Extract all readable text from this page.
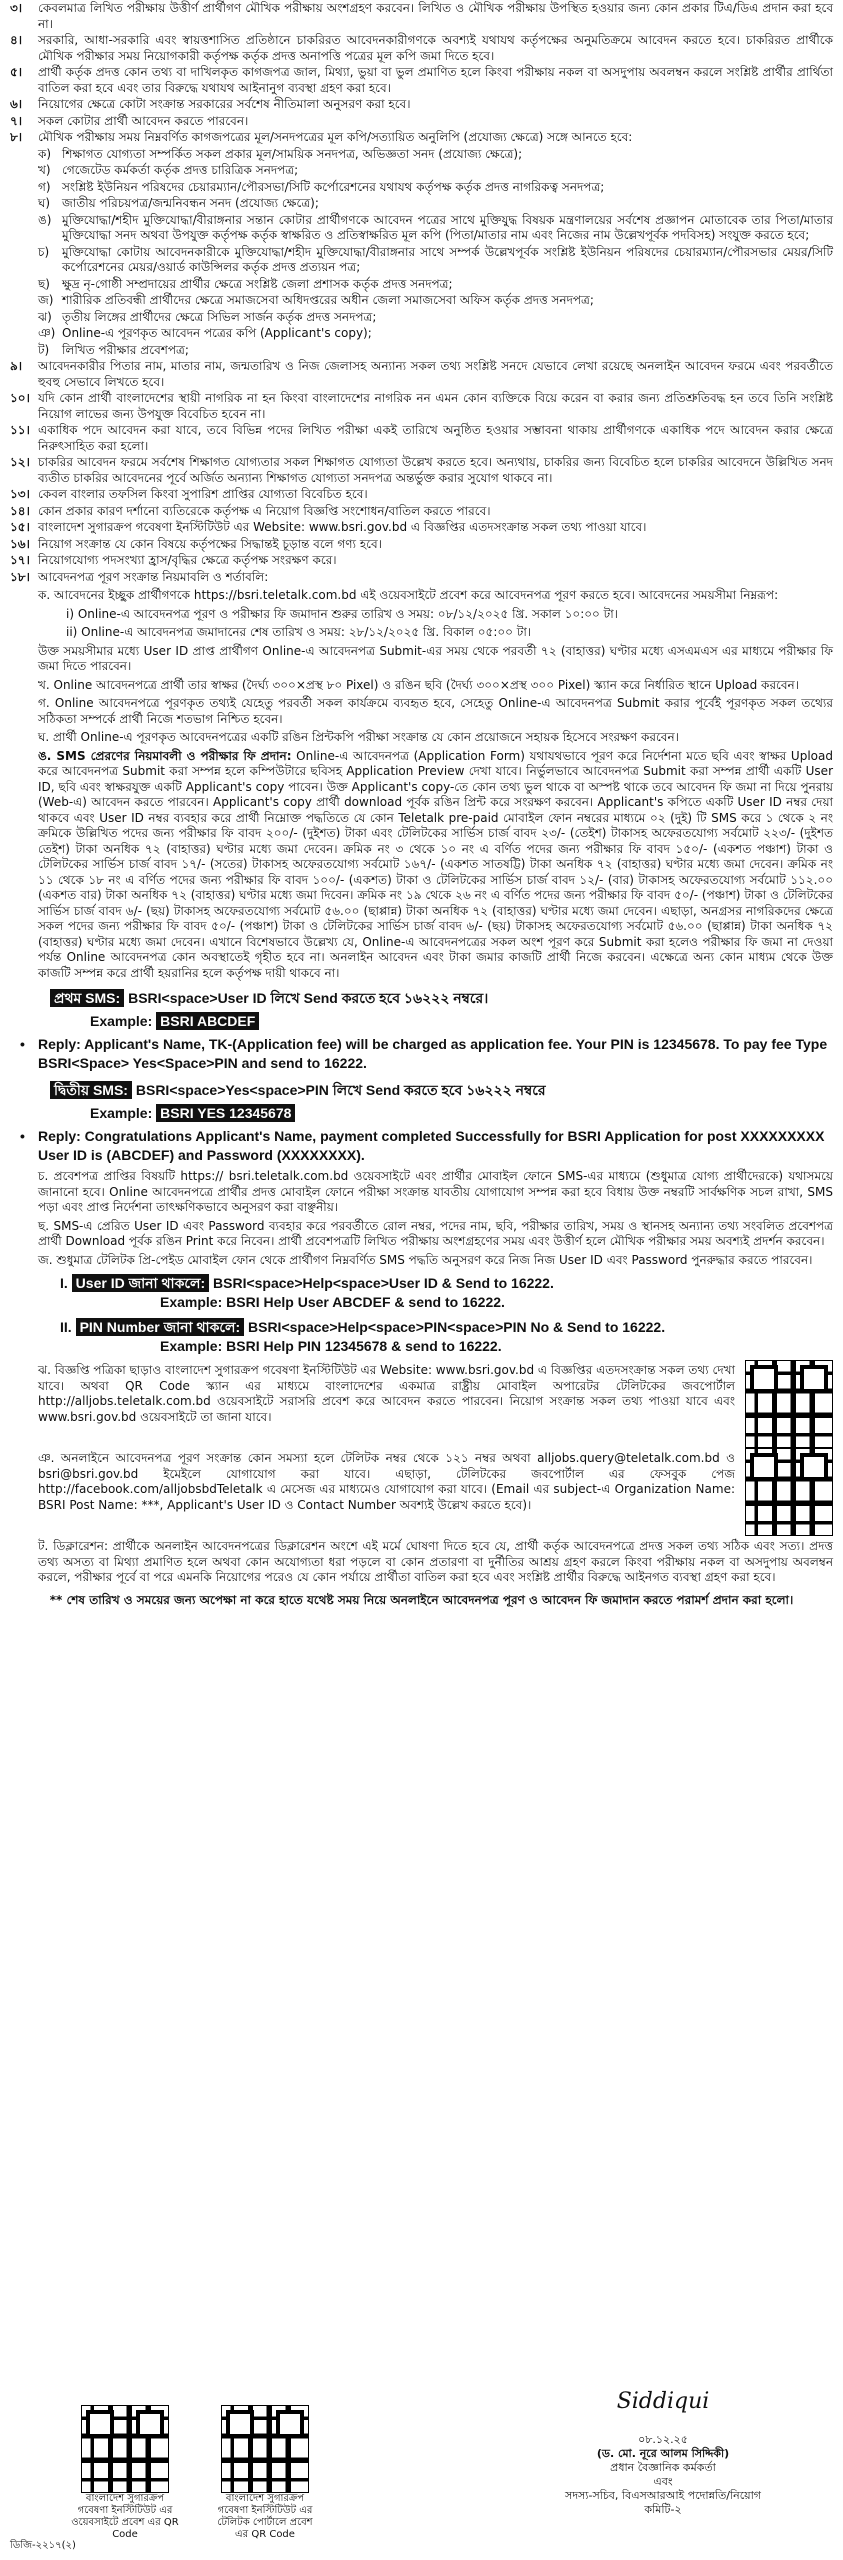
৩।	কেবলমাত্র লিখিত পরীক্ষায় উত্তীর্ণ প্রার্থীগণ মৌখিক পরীক্ষায় অংশগ্রহণ করবেন। লিখিত ও মৌখিক পরীক্ষায় উপস্থিত হওয়ার জন্য কোন প্রকার টিএ/ডিএ প্রদান করা হবে না।
৪।	সরকারি, আধা-সরকারি এবং স্বায়ত্তশাসিত প্রতিষ্ঠানে চাকরিরত আবেদনকারীগণকে অবশ্যই যথাযথ কর্তৃপক্ষের অনুমতিক্রমে আবেদন করতে হবে। চাকরিরত প্রার্থীকে মৌখিক পরীক্ষার সময় নিয়োগকারী কর্তৃপক্ষ কর্তৃক প্রদত্ত অনাপত্তি পত্রের মূল কপি জমা দিতে হবে।
৫।	প্রার্থী কর্তৃক প্রদত্ত কোন তথ্য বা দাখিলকৃত কাগজপত্র জাল, মিথ্যা, ভুয়া বা ভুল প্রমাণিত হলে কিংবা পরীক্ষায় নকল বা অসদুপায় অবলম্বন করলে সংশ্লিষ্ট প্রার্থীর প্রার্থিতা বাতিল করা হবে এবং তার বিরুদ্ধে যথাযথ আইনানুগ ব্যবস্থা গ্রহণ করা হবে।
৬।	নিয়োগের ক্ষেত্রে কোটা সংক্রান্ত সরকারের সর্বশেষ নীতিমালা অনুসরণ করা হবে।
৭।	সকল কোটার প্রার্থী আবেদন করতে পারবেন।
৮।	মৌখিক পরীক্ষায় সময় নিম্নবর্ণিত কাগজপত্রের মূল/সনদপত্রের মূল কপি/সত্যায়িত অনুলিপি (প্রযোজ্য ক্ষেত্রে) সঙ্গে আনতে হবে:
ক) শিক্ষাগত যোগ্যতা সম্পর্কিত সকল প্রকার মূল/সাময়িক সনদপত্র, অভিজ্ঞতা সনদ (প্রযোজ্য ক্ষেত্রে);
খ) গেজেটেড কর্মকর্তা কর্তৃক প্রদত্ত চারিত্রিক সনদপত্র;
গ) সংশ্লিষ্ট ইউনিয়ন পরিষদের চেয়ারম্যান/পৌরসভা/সিটি কর্পোরেশনের যথাযথ কর্তৃপক্ষ কর্তৃক প্রদত্ত নাগরিকত্ব সনদপত্র;
ঘ) জাতীয় পরিচয়পত্র/জন্মনিবন্ধন সনদ (প্রযোজ্য ক্ষেত্রে);
ঙ) মুক্তিযোদ্ধা/শহীদ মুক্তিযোদ্ধা/বীরাঙ্গনার সন্তান কোটার প্রার্থীগণকে আবেদন পত্রের সাথে মুক্তিযুদ্ধ বিষয়ক মন্ত্রণালয়ের সর্বশেষ প্রজ্ঞাপন মোতাবেক তার পিতা/মাতার মুক্তিযোদ্ধা সনদ অথবা উপযুক্ত কর্তৃপক্ষ কর্তৃক স্বাক্ষরিত ও প্রতিস্বাক্ষরিত মূল কপি (পিতা/মাতার নাম এবং নিজের নাম উল্লেখপূর্বক পদবিসহ) সংযুক্ত করতে হবে;
চ)	মুক্তিযোদ্ধা কোটায় আবেদনকারীকে মুক্তিযোদ্ধা/শহীদ মুক্তিযোদ্ধা/বীরাঙ্গনার সাথে সম্পর্ক উল্লেখপূর্বক সংশ্লিষ্ট ইউনিয়ন পরিষদের চেয়ারম্যান/পৌরসভার মেয়র/সিটি কর্পোরেশনের মেয়র/ওয়ার্ড কাউন্সিলর কর্তৃক প্রদত্ত প্রত্যয়ন পত্র;
ছ)	ক্ষুদ্র নৃ-গোষ্ঠী সম্প্রদায়ের প্রার্থীর ক্ষেত্রে সংশ্লিষ্ট জেলা প্রশাসক কর্তৃক প্রদত্ত সনদপত্র;
জ) শারীরিক প্রতিবন্ধী প্রার্থীদের ক্ষেত্রে সমাজসেবা অধিদপ্তরের অধীন জেলা সমাজসেবা অফিস কর্তৃক প্রদত্ত সনদপত্র;
ঝ) তৃতীয় লিঙ্গের প্রার্থীদের ক্ষেত্রে সিভিল সার্জন কর্তৃক প্রদত্ত সনদপত্র;
ঞ) Online-এ পূরণকৃত আবেদন পত্রের কপি (Applicant's copy);
ট)	লিখিত পরীক্ষার প্রবেশপত্র;
৯।	আবেদনকারীর পিতার নাম, মাতার নাম, জন্মতারিখ ও নিজ জেলাসহ অন্যান্য সকল তথ্য সংশ্লিষ্ট সনদে যেভাবে লেখা রয়েছে অনলাইন আবেদন ফরমে এবং পরবর্তীতে হুবহু সেভাবে লিখতে হবে।
১০। যদি কোন প্রার্থী বাংলাদেশের স্থায়ী নাগরিক না হন কিংবা বাংলাদেশের নাগরিক নন এমন কোন ব্যক্তিকে বিয়ে করেন বা করার জন্য প্রতিশ্রুতিবদ্ধ হন তবে তিনি সংশ্লিষ্ট নিয়োগ লাভের জন্য উপযুক্ত বিবেচিত হবেন না।
১১। একাধিক পদে আবেদন করা যাবে, তবে বিভিন্ন পদের লিখিত পরীক্ষা একই তারিখে অনুষ্ঠিত হওয়ার সম্ভাবনা থাকায় প্রার্থীগণকে একাধিক পদে আবেদন করার ক্ষেত্রে নিরুৎসাহিত করা হলো।
১২। চাকরির আবেদন ফরমে সর্বশেষ শিক্ষাগত যোগ্যতার সকল শিক্ষাগত যোগ্যতা উল্লেখ করতে হবে। অন্যথায়, চাকরির জন্য বিবেচিত হলে চাকরির আবেদনে উল্লিখিত সনদ ব্যতীত চাকরির আবেদনের পূর্বে অর্জিত অন্যান্য শিক্ষাগত যোগ্যতা সনদপত্র অন্তর্ভুক্ত করার সুযোগ থাকবে না।
১৩। কেবল বাংলার তফসিল কিংবা সুপারিশ প্রাপ্তির যোগ্যতা বিবেচিত হবে।
১৪। কোন প্রকার কারণ দর্শানো ব্যতিরেকে কর্তৃপক্ষ এ নিয়োগ বিজ্ঞপ্তি সংশোধন/বাতিল করতে পারবে।
১৫। বাংলাদেশ সুগারক্রপ গবেষণা ইনস্টিটিউট এর Website: www.bsri.gov.bd এ বিজ্ঞপ্তির এতদসংক্রান্ত সকল তথ্য পাওয়া যাবে।
১৬। নিয়োগ সংক্রান্ত যে কোন বিষয়ে কর্তৃপক্ষের সিদ্ধান্তই চূড়ান্ত বলে গণ্য হবে।
১৭। নিয়োগযোগ্য পদসংখ্যা হ্রাস/বৃদ্ধির ক্ষেত্রে কর্তৃপক্ষ সংরক্ষণ করে।
১৮। আবেদনপত্র পূরণ সংক্রান্ত নিয়মাবলি ও শর্তাবলি:
ক. আবেদনের ইচ্ছুক প্রার্থীগণকে https://bsri.teletalk.com.bd এই ওয়েবসাইটে প্রবেশ করে আবেদনপত্র পূরণ করতে হবে। আবেদনের সময়সীমা নিম্নরূপ:
i) Online-এ আবেদনপত্র পূরণ ও পরীক্ষার ফি জমাদান শুরুর তারিখ ও সময়: ০৮/১২/২০২৫ খ্রি. সকাল ১০:০০ টা।
ii) Online-এ আবেদনপত্র জমাদানের শেষ তারিখ ও সময়: ২৮/১২/২০২৫ খ্রি. বিকাল ০৫:০০ টা।
উক্ত সময়সীমার মধ্যে User ID প্রাপ্ত প্রার্থীগণ Online-এ আবেদনপত্র Submit-এর সময় থেকে পরবর্তী ৭২ (বাহাত্তর) ঘণ্টার মধ্যে এসএমএস এর মাধ্যমে পরীক্ষার ফি জমা দিতে পারবেন।
খ. Online আবেদনপত্রে প্রার্থী তার স্বাক্ষর (দৈর্ঘ্য ৩০০×প্রস্থ ৮০ Pixel) ও রঙিন ছবি (দৈর্ঘ্য ৩০০×প্রস্থ ৩০০ Pixel) স্ক্যান করে নির্ধারিত স্থানে Upload করবেন।
গ. Online আবেদনপত্রে পূরণকৃত তথ্যই যেহেতু পরবর্তী সকল কার্যক্রমে ব্যবহৃত হবে, সেহেতু Online-এ আবেদনপত্র Submit করার পূর্বেই পূরণকৃত সকল তথ্যের সঠিকতা সম্পর্কে প্রার্থী নিজে শতভাগ নিশ্চিত হবেন।
ঘ. প্রার্থী Online-এ পূরণকৃত আবেদনপত্রের একটি রঙিন প্রিন্টকপি পরীক্ষা সংক্রান্ত যে কোন প্রয়োজনে সহায়ক হিসেবে সংরক্ষণ করবেন।
ঙ. SMS প্রেরণের নিয়মাবলী ও পরীক্ষার ফি প্রদান: Online-এ আবেদনপত্র (Application Form) যথাযথভাবে পূরণ করে নির্দেশনা মতে ছবি এবং স্বাক্ষর Upload করে আবেদনপত্র Submit করা সম্পন্ন হলে কম্পিউটারে ছবিসহ Application Preview দেখা যাবে। নির্ভুলভাবে আবেদনপত্র Submit করা সম্পন্ন প্রার্থী একটি User ID, ছবি এবং স্বাক্ষরযুক্ত একটি Applicant's copy পাবেন। উক্ত Applicant's copy-তে কোন তথ্য ভুল থাকে বা অস্পষ্ট থাকে তবে আবেদন ফি জমা না দিয়ে পুনরায় (Web-এ) আবেদন করতে পারবেন। Applicant's copy প্রার্থী download পূর্বক রঙিন প্রিন্ট করে সংরক্ষণ করবেন। Applicant's কপিতে একটি User ID নম্বর দেয়া থাকবে এবং User ID নম্বর ব্যবহার করে প্রার্থী নিম্নোক্ত পদ্ধতিতে যে কোন Teletalk pre-paid মোবাইল ফোন নম্বরের মাধ্যমে ০২ (দুই) টি SMS করে ১ থেকে ২ নং ক্রমিকে উল্লিখিত পদের জন্য পরীক্ষার ফি বাবদ ২০০/- (দুইশত) টাকা এবং টেলিটকের সার্ভিস চার্জ বাবদ ২৩/- (তেইশ) টাকাসহ অফেরতযোগ্য সর্বমোট ২২৩/- (দুইশত তেইশ) টাকা অনধিক ৭২ (বাহাত্তর) ঘণ্টার মধ্যে জমা দেবেন। ক্রমিক নং ৩ থেকে ১০ নং এ বর্ণিত পদের জন্য পরীক্ষার ফি বাবদ ১৫০/- (একশত পঞ্চাশ) টাকা ও টেলিটকের সার্ভিস চার্জ বাবদ ১৭/- (সতের) টাকাসহ অফেরতযোগ্য সর্বমোট ১৬৭/- (একশত সাতষট্টি) টাকা অনধিক ৭২ (বাহাত্তর) ঘণ্টার মধ্যে জমা দেবেন। ক্রমিক নং ১১ থেকে ১৮ নং এ বর্ণিত পদের জন্য পরীক্ষার ফি বাবদ ১০০/- (একশত) টাকা ও টেলিটকের সার্ভিস চার্জ বাবদ ১২/- (বার) টাকাসহ অফেরতযোগ্য সর্বমোট ১১২.০০ (একশত বার) টাকা অনধিক ৭২ (বাহাত্তর) ঘণ্টার মধ্যে জমা দিবেন। ক্রমিক নং ১৯ থেকে ২৬ নং এ বর্ণিত পদের জন্য পরীক্ষার ফি বাবদ ৫০/- (পঞ্চাশ) টাকা ও টেলিটকের সার্ভিস চার্জ বাবদ ৬/- (ছয়) টাকাসহ অফেরতযোগ্য সর্বমোট ৫৬.০০ (ছাপ্পান্ন) টাকা অনধিক ৭২ (বাহাত্তর) ঘণ্টার মধ্যে জমা দেবেন। এছাড়া, অনগ্রসর নাগরিকদের ক্ষেত্রে সকল পদের জন্য পরীক্ষার ফি বাবদ ৫০/- (পঞ্চাশ) টাকা ও টেলিটকের সার্ভিস চার্জ বাবদ ৬/- (ছয়) টাকাসহ অফেরতযোগ্য সর্বমোট ৫৬.০০ (ছাপ্পান্ন) টাকা অনধিক ৭২ (বাহাত্তর) ঘণ্টার মধ্যে জমা দেবেন। এখানে বিশেষভাবে উল্লেখ্য যে, Online-এ আবেদনপত্রের সকল অংশ পূরণ করে Submit করা হলেও পরীক্ষার ফি জমা না দেওয়া পর্যন্ত Online আবেদনপত্র কোন অবস্থাতেই গৃহীত হবে না। অনলাইন আবেদন এবং টাকা জমার কাজটি প্রার্থী নিজে করবেন। এক্ষেত্রে অন্য কোন মাধ্যম থেকে উক্ত কাজটি সম্পন্ন করে প্রার্থী হয়রানির হলে কর্তৃপক্ষ দায়ী থাকবে না।
প্রথম SMS: BSRI<space>User ID লিখে Send করতে হবে ১৬২২২ নম্বরে।
Example: BSRI ABCDEF
• Reply: Applicant's Name, TK-(Application fee) will be charged as application fee. Your PIN is 12345678. To pay fee Type BSRI<Space> Yes<Space>PIN and send to 16222.
দ্বিতীয় SMS: BSRI<space>Yes<space>PIN লিখে Send করতে হবে ১৬২২২ নম্বরে
Example: BSRI YES 12345678
• Reply: Congratulations Applicant's Name, payment completed Successfully for BSRI Application for post XXXXXXXXX User ID is (ABCDEF) and Password (XXXXXXXX).
চ. প্রবেশপত্র প্রাপ্তির বিষয়টি https:// bsri.teletalk.com.bd ওয়েবসাইটে এবং প্রার্থীর মোবাইল ফোনে SMS-এর মাধ্যমে (শুধুমাত্র যোগ্য প্রার্থীদেরকে) যথাসময়ে জানানো হবে। Online আবেদনপত্রে প্রার্থীর প্রদত্ত মোবাইল ফোনে পরীক্ষা সংক্রান্ত যাবতীয় যোগাযোগ সম্পন্ন করা হবে বিধায় উক্ত নম্বরটি সার্বক্ষণিক সচল রাখা, SMS পড়া এবং প্রাপ্ত নির্দেশনা তাৎক্ষণিকভাবে অনুসরণ করা বাঞ্ছনীয়।
ছ. SMS-এ প্রেরিত User ID এবং Password ব্যবহার করে পরবর্তীতে রোল নম্বর, পদের নাম, ছবি, পরীক্ষার তারিখ, সময় ও স্থানসহ অন্যান্য তথ্য সংবলিত প্রবেশপত্র প্রার্থী Download পূর্বক রঙিন Print করে নিবেন। প্রার্থী প্রবেশপত্রটি লিখিত পরীক্ষায় অংশগ্রহণের সময় এবং উত্তীর্ণ হলে মৌখিক পরীক্ষার সময় অবশ্যই প্রদর্শন করবেন।
জ. শুধুমাত্র টেলিটক প্রি-পেইড মোবাইল ফোন থেকে প্রার্থীগণ নিম্নবর্ণিত SMS পদ্ধতি অনুসরণ করে নিজ নিজ User ID এবং Password পুনরুদ্ধার করতে পারবেন।
I. User ID জানা থাকলে: BSRI<space>Help<space>User ID & Send to 16222.
Example: BSRI Help User ABCDEF & send to 16222.
II. PIN Number জানা থাকলে: BSRI<space>Help<space>PIN<space>PIN No & Send to 16222.
Example: BSRI Help PIN 12345678 & send to 16222.
ঝ. বিজ্ঞপ্তি পত্রিকা ছাড়াও বাংলাদেশ সুগারক্রপ গবেষণা ইনস্টিটিউট এর Website: www.bsri.gov.bd এ বিজ্ঞপ্তির এতদসংক্রান্ত সকল তথ্য দেখা যাবে। অথবা QR Code স্ক্যান এর মাধ্যমে বাংলাদেশের একমাত্র রাষ্ট্রীয় মোবাইল অপারেটর টেলিটকের জবপোর্টাল http://alljobs.teletalk.com.bd ওয়েবসাইটে সরাসরি প্রবেশ করে আবেদন করতে পারবেন। নিয়োগ সংক্রান্ত সকল তথ্য পাওয়া যাবে এবং www.bsri.gov.bd ওয়েবসাইটে তা জানা যাবে।
ঞ. অনলাইনে আবেদনপত্র পূরণ সংক্রান্ত কোন সমস্যা হলে টেলিটক নম্বর থেকে ১২১ নম্বর অথবা alljobs.query@teletalk.com.bd ও bsri@bsri.gov.bd ইমেইলে যোগাযোগ করা যাবে। এছাড়া, টেলিটকের জবপোর্টাল এর ফেসবুক পেজ http://facebook.com/alljobsbdTeletalk এ মেসেজ এর মাধ্যমেও যোগাযোগ করা যাবে। (Email এর subject-এ Organization Name: BSRI Post Name: ***, Applicant's User ID ও Contact Number অবশ্যই উল্লেখ করতে হবে)।
ট. ডিক্লারেশন: প্রার্থীকে অনলাইন আবেদনপত্রের ডিক্লারেশন অংশে এই মর্মে ঘোষণা দিতে হবে যে, প্রার্থী কর্তৃক আবেদনপত্রে প্রদত্ত সকল তথ্য সঠিক এবং সত্য। প্রদত্ত তথ্য অসত্য বা মিথ্যা প্রমাণিত হলে অথবা কোন অযোগ্যতা ধরা পড়লে বা কোন প্রতারণা বা দুর্নীতির আশ্রয় গ্রহণ করলে কিংবা পরীক্ষায় নকল বা অসদুপায় অবলম্বন করলে, পরীক্ষার পূর্বে বা পরে এমনকি নিয়োগের পরেও যে কোন পর্যায়ে প্রার্থীতা বাতিল করা হবে এবং সংশ্লিষ্ট প্রার্থীর বিরুদ্ধে আইনগত ব্যবস্থা গ্রহণ করা হবে।
** শেষ তারিখ ও সময়ের জন্য অপেক্ষা না করে হাতে যথেষ্ট সময় নিয়ে অনলাইনে আবেদনপত্র পূরণ ও আবেদন ফি জমাদান করতে পরামর্শ প্রদান করা হলো।
বাংলাদেশ সুগারক্রপ গবেষণা ইনস্টিটিউট এর ওয়েবসাইটে প্রবেশ এর QR Code
বাংলাদেশ সুগারক্রপ গবেষণা ইনস্টিটিউট এর টেলিটক পোর্টালে প্রবেশ এর QR Code
Siddiqui
০৮.১২.২৫
(ড. মো. নূরে আলম সিদ্দিকী)
প্রধান বৈজ্ঞানিক কর্মকর্তা
এবং
সদস্য-সচিব, বিএসআরআই পদোন্নতি/নিয়োগ কমিটি-২
ডিজি-২২১৭(২)
